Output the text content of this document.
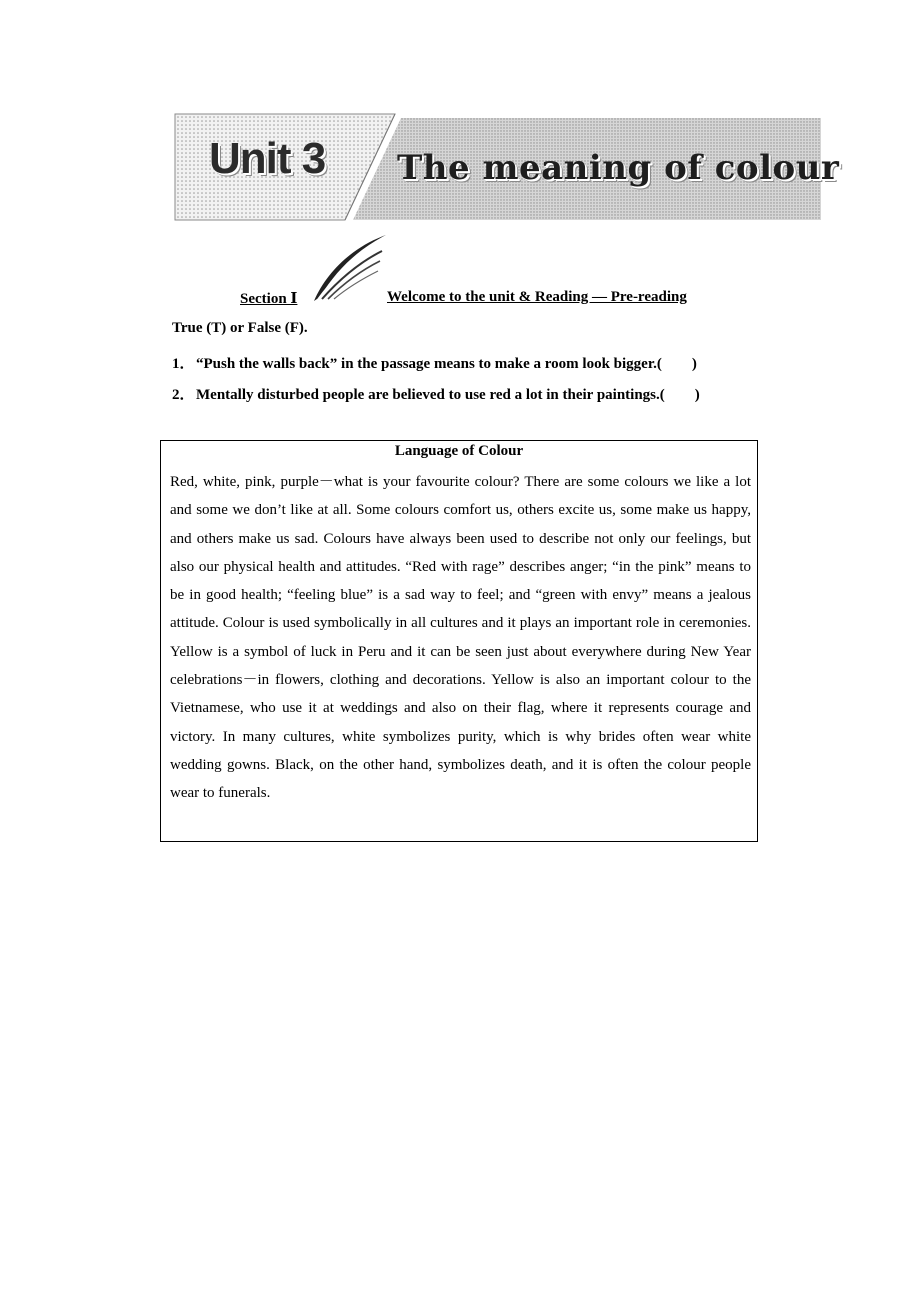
Unit 3 The meaning of colour
Section Ⅰ	Welcome to the unit & Reading — Pre-reading
True (T) or False (F).
1．“Push the walls back” in the passage means to make a room look bigger.( )
2．Mentally disturbed people are believed to use red a lot in their paintings.( )
Language of Colour

Red, white, pink, purple－what is your favourite colour? There are some colours we like a lot and some we don’t like at all. Some colours comfort us, others excite us, some make us happy, and others make us sad. Colours have always been used to describe not only our feelings, but also our physical health and attitudes. “Red with rage” describes anger; “in the pink” means to be in good health; “feeling blue” is a sad way to feel; and “green with envy” means a jealous attitude. Colour is used symbolically in all cultures and it plays an important role in ceremonies. Yellow is a symbol of luck in Peru and it can be seen just about everywhere during New Year celebrations－in flowers, clothing and decorations. Yellow is also an important colour to the Vietnamese, who use it at weddings and also on their flag, where it represents courage and victory. In many cultures, white symbolizes purity, which is why brides often wear white wedding gowns. Black, on the other hand, symbolizes death, and it is often the colour people wear to funerals.
